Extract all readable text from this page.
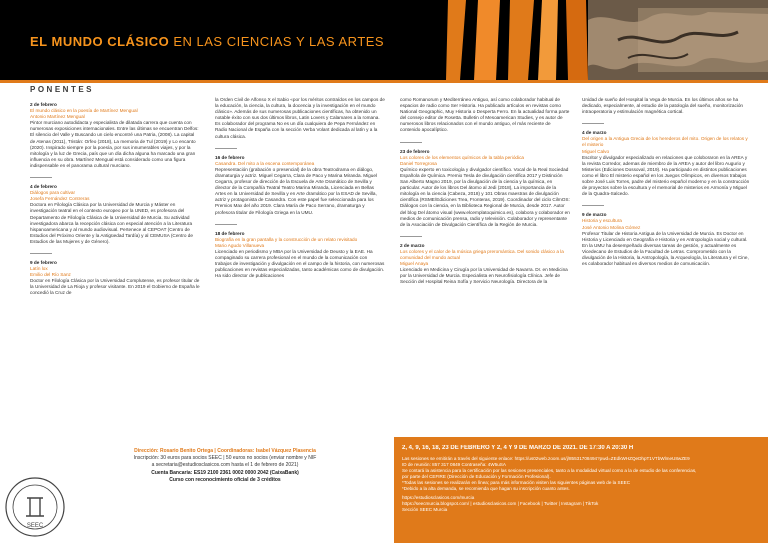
EL MUNDO CLÁSICO EN LAS CIENCIAS Y LAS ARTES
PONENTES
2 de febrero
El mundo clásico en la poesía de Martínez Mengual
Antonio Martínez Mengual
Pintor murciano autodidacta y especialista de dilatada carrera que cuenta con numerosas exposiciones internacionales. Entre las últimas se encuentran Delfos: El silencio del Valle y Buscando un cielo encontré una Patria, (2008). La capital de Atenas (2011), Tristán: Orfeo (2018), La memoria de Tul (2019) y Lo encanto (2020). Inspirado siempre por la poesía, por sus innumerables viajes, y por la mitología y la luz de Grecia, país que un día dicha alguna ha marcado una gran influencia en su obra. Martínez Mengual está considerado como una figura indispensable en el panorama cultural murciano.
4 de febrero
Diálogos para cultivar
Josefa Fernández Contreras
Doctora en Filología Clásica por la Universidad de Murcia y Máster en investigación teatral en el contexto europeo por la UNED, es profesora del Departamento de Filología Clásica de la Universidad de Murcia. Su actividad investigadora abarca la recepción clásica con especial atención a la Literatura hispanoamericana y al mundo audiovisual. Pertenece al CEPOAT (Centro de Estudios del Próximo Oriente y la Antigüedad Tardía) y al CEMUSA (Centro de Estudios de las Mujeres y de Género).
9 de febrero
Latín lox
Emilio del Río Sanz
Doctor en Filología Clásica por la Universidad Complutense, es profesor titular de la Universidad de La Rioja y profesor visitante. En 2019 el Gobierno de España le concedió la Cruz de
la Orden Civil de Alfonso X el Sabio «por los méritos contraídos en los campos de la educación, la ciencia, la cultura, la docencia y la investigación en el mundo clásico». Además de sus numerosas publicaciones científicas, ha obtenido un notable éxito con sus dos últimos libros, Latin Lovers y Calamares a la romana. Es colaborador del programa No es un día cualquiera de Pepa Fernández en Radio Nacional de España con la sección Verba Volant dedicada al latín y a la cultura clásica.
16 de febrero
Casandra. Del mito a la escena contemporánea
Representación (grabación o presencial) de la obra Teatrodrama en diálogo, dramaturgia y actriz. Miguel Cegarra, Clara de Paco y Marina Miranda. Miguel Cegarra, profesor de dirección de la Escuela de Arte Dramático de Sevilla y director de la Compañía Teatral Teatro Marina Miranda, Licenciada en Bellas Artes en la Universidad de Sevilla y en Arte dramático por la ESAD de Sevilla, actriz y protagonista de Casandra. Con este papel fue seleccionada para los Premios Max del año 2019. Clara María de Paco Serrano, dramaturga y profesora titular de Filología Griega en la UMU.
18 de febrero
Biografía en la gran pantalla y la construcción de un relato revisitado
Mario Agudo Villanueva
Licenciado en periodismo y MBA por la Universidad de Deusto y la EAE. Ha compaginado su carrera profesional en el mundo de la comunicación con trabajos de investigación y divulgación en el campo de la historia, con numerosas publicaciones en revistas especializadas, tanto académicas como de divulgación. Ha sido director de publicaciones
como Romanorum y Mediterráneo Antiguo, así como colaborador habitual de espacios de radio como Ser Historia. Ha publicado artículos en revistas como National Geographic, Muy Historia o Desperta Ferro. En la actualidad forma parte del consejo editor de Rosetta. Bulletin of Mesoamerican Studies, y es autor de numerosos libros relacionados con el mundo antiguo, el más reciente de contenido apocalíptico.
23 de febrero
Los colores de los elementos químicos de la tabla periódica
Daniel Torregrosa
Químico experto en toxicología y divulgador científico. Vocal de la Real Sociedad Española de Química. Premio Tesla de divulgación científica 2017 y Distinción San Alberto Magno 2019, por la divulgación de la ciencia y la química, en particular. Autor de los libros Del átomo al Jedi (2018), La importancia de la mitología en la ciencia (Cabeza, 2018) y 101 Obras maestras de divulgación científica (RSME/Ediciones Trea, Fronteras, 2019). Coordinador del ciclo CilmOS: Diálogos con la ciencia, en la Biblioteca Regional de Murcia, desde 2017. Autor del blog Del átomo visual (www.elcemplatoquimico.es), colabora y colaborador en medios de comunicación prensa, radio y televisión. Colaborador y representante de la Asociación de Divulgación Científica de la Región de Murcia.
2 de marzo
Los colores y el calor de la música griega preromántica. Del sonido clásico a la comunidad del mundo actual
Miguel Anaya
Licenciado en Medicina y Cirugía por la Universidad de Navarra. Dr. en Medicina por la Universidad de Murcia. Especialista en Neurofisiología Clínica. Jefe de Sección del Hospital Reina Sofía y Servicio Neurología. Directora de la
Unidad de sueño del Hospital la Vega de Murcia. En los últimos años se ha dedicado, especialmente, al estudio de la patología del sueño, monitorización intraoperatoria y estimulación magnética cortical.
4 de marzo
Del origen a la Antigua Grecia de los herederos del mito. Origen de los relatos y el misterio
Miguel Calvo
Escritor y divulgador especializado en relaciones que coloboraron en la AREA y la revista Corredor, ademas de miembro de la AREA y autor del libro Augurio y Misterios (Ediciones Dossoval, 2019). Ha participado en distintos publicaciones como el libro El misterio español en los Juegos Olímpicos, en diversos trabajos sobre José Luis Torres, padre del misterio español moderno y en la construcción de proyectos sobre la escultura y el memorial de misterios en Armonía y Miguel de la Quadra-Salcedo.
9 de marzo
Historia y escultura
José Antonio Molina Gómez
Profesor Titular de Historia Antigua de la Universidad de Murcia. Es Doctor en Historia y Licenciado en Geografía e Historia y en Antropología social y cultural. En la UMU ha desempeñado diversas tareas de gestión, y actualmente es Vicedecano de Estudios de la Facultad de Letras. Comprometido con la divulgación de la Historia, la Antropología, la Arqueología, la Literatura y el Cine, es colaborador habitual en diversos medios de comunicación.
SEEC
Dirección: Rosario Benito Ortega | Coordinadoras: Isabel Vázquez Plasencia
Inscripción: 30 euros para socios SEEC | 50 euros no socios (enviar nombre y NIF
a secretaria@estudiosclasicos.com hasta el 1 de febrero de 2021)
Cuenta Bancaria: ES19 2100 2361 0002 0000 2042 (CaixaBank)
Curso con reconocimiento oficial de 3 créditos
2, 4, 9, 16, 18, 23 DE FEBRERO Y 2, 4 Y 9 DE MARZO DE 2021. DE 17:30 A 20:30 H
Las sesiones se emitirán a través del siguiente enlace: https://us02web.zoom.us/j/85531708494?pwd=ZEdkWHZQeDhpT1VTbWlmeU8wZE9
ID de reunión: 857 317 0849 Contraseña: 4W5uSA
Se contará la asistencia para la certificación por las sesiones presenciales, tanto a la modalidad virtual como a la de estudio de las conferencias,
por parte del CEFIRE (Dirección de Educación y Formación Profesional).
*Todas las sesiones se realizarán en línea; para más información visiten las siguientes páginas web de la SEEC
*Debido a la alta demanda, se recomienda que hagan su inscripción cuanto antes.
https://estudiosclasicos.com/murcia
https://seecmurcia.blogspot.com/ | estudiosclasicos.com | Facebook | Twitter | Instagram | TikTok
Sección SEEC Murcia
